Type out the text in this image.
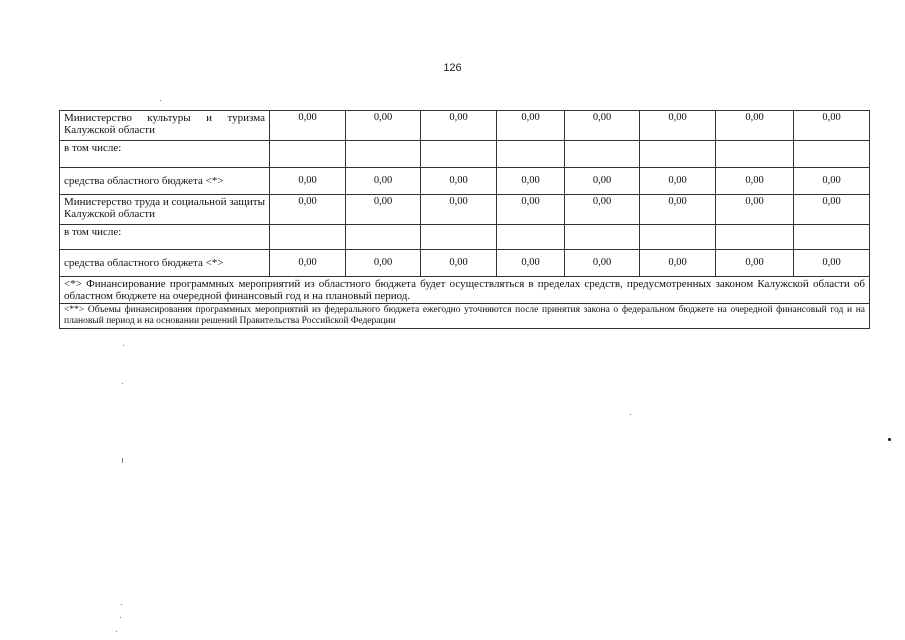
126
Министерство культуры и туризма Калужской области	0,00	0,00	0,00	0,00	0,00	0,00	0,00	0,00
в том числе:								
средства областного бюджета <*>	0,00	0,00	0,00	0,00	0,00	0,00	0,00	0,00
Министерство труда и социальной защиты Калужской области	0,00	0,00	0,00	0,00	0,00	0,00	0,00	0,00
в том числе:								
средства областного бюджета <*>	0,00	0,00	0,00	0,00	0,00	0,00	0,00	0,00
<*> Финансирование программных мероприятий из областного бюджета будет осуществляться в пределах средств, предусмотренных законом Калужской области об областном бюджете на очередной финансовый год и на плановый период.								
<**> Объемы финансирования программных мероприятий из федерального бюджета ежегодно уточняются после принятия закона о федеральном бюджете на очередной финансовый год и на плановый период и на основании решений Правительства Российской Федерации								
